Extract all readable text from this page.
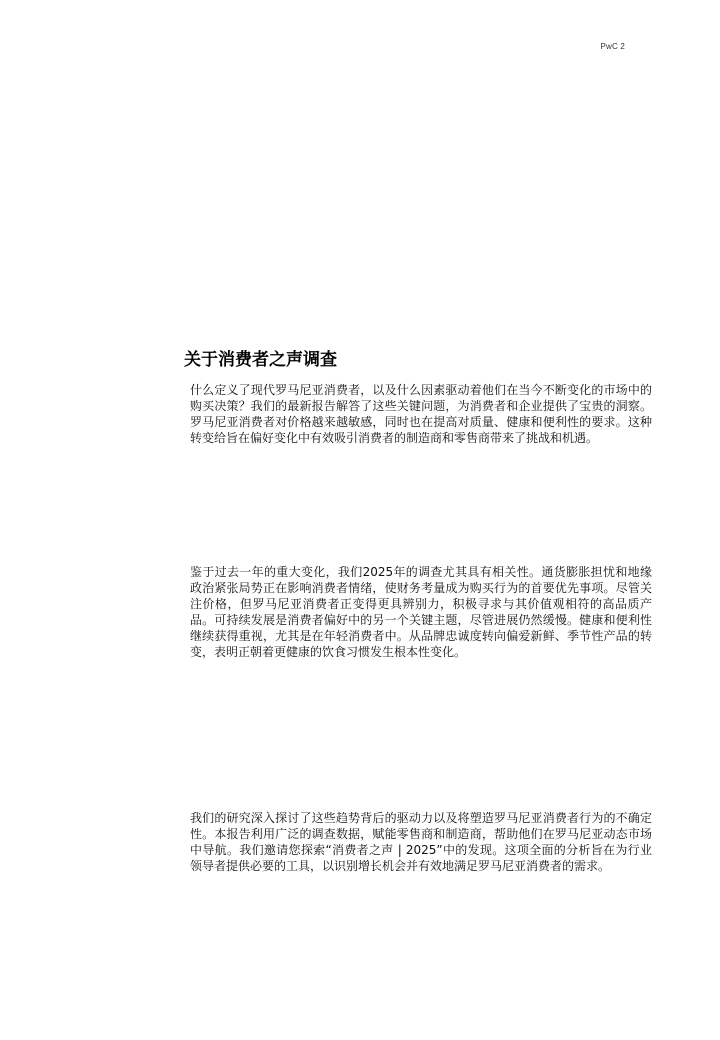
PwC 2
关于消费者之声调查

什么定义了现代罗马尼亚消费者，以及什么因素驱动着他们在当今不断变化的市场中的购买决策？我们的最新报告解答了这些关键问题，为消费者和企业提供了宝贵的洞察。罗马尼亚消费者对价格越来越敏感，同时也在提高对质量、健康和便利性的要求。这种转变给旨在偏好变化中有效吸引消费者的制造商和零售商带来了挑战和机遇。

鉴于过去一年的重大变化，我们2025年的调查尤其具有相关性。通货膨胀担忧和地缘政治紧张局势正在影响消费者情绪，使财务考量成为购买行为的首要优先事项。尽管关注价格，但罗马尼亚消费者正变得更具辨别力，积极寻求与其价值观相符的高品质产品。可持续发展是消费者偏好中的另一个关键主题，尽管进展仍然缓慢。健康和便利性继续获得重视，尤其是在年轻消费者中。从品牌忠诚度转向偏爱新鲜、季节性产品的转变，表明正朝着更健康的饮食习惯发生根本性变化。

我们的研究深入探讨了这些趋势背后的驱动力以及将塑造罗马尼亚消费者行为的不确定性。本报告利用广泛的调查数据，赋能零售商和制造商，帮助他们在罗马尼亚动态市场中导航。我们邀请您探索“消费者之声 | 2025”中的发现。这项全面的分析旨在为行业领导者提供必要的工具，以识别增长机会并有效地满足罗马尼亚消费者的需求。
